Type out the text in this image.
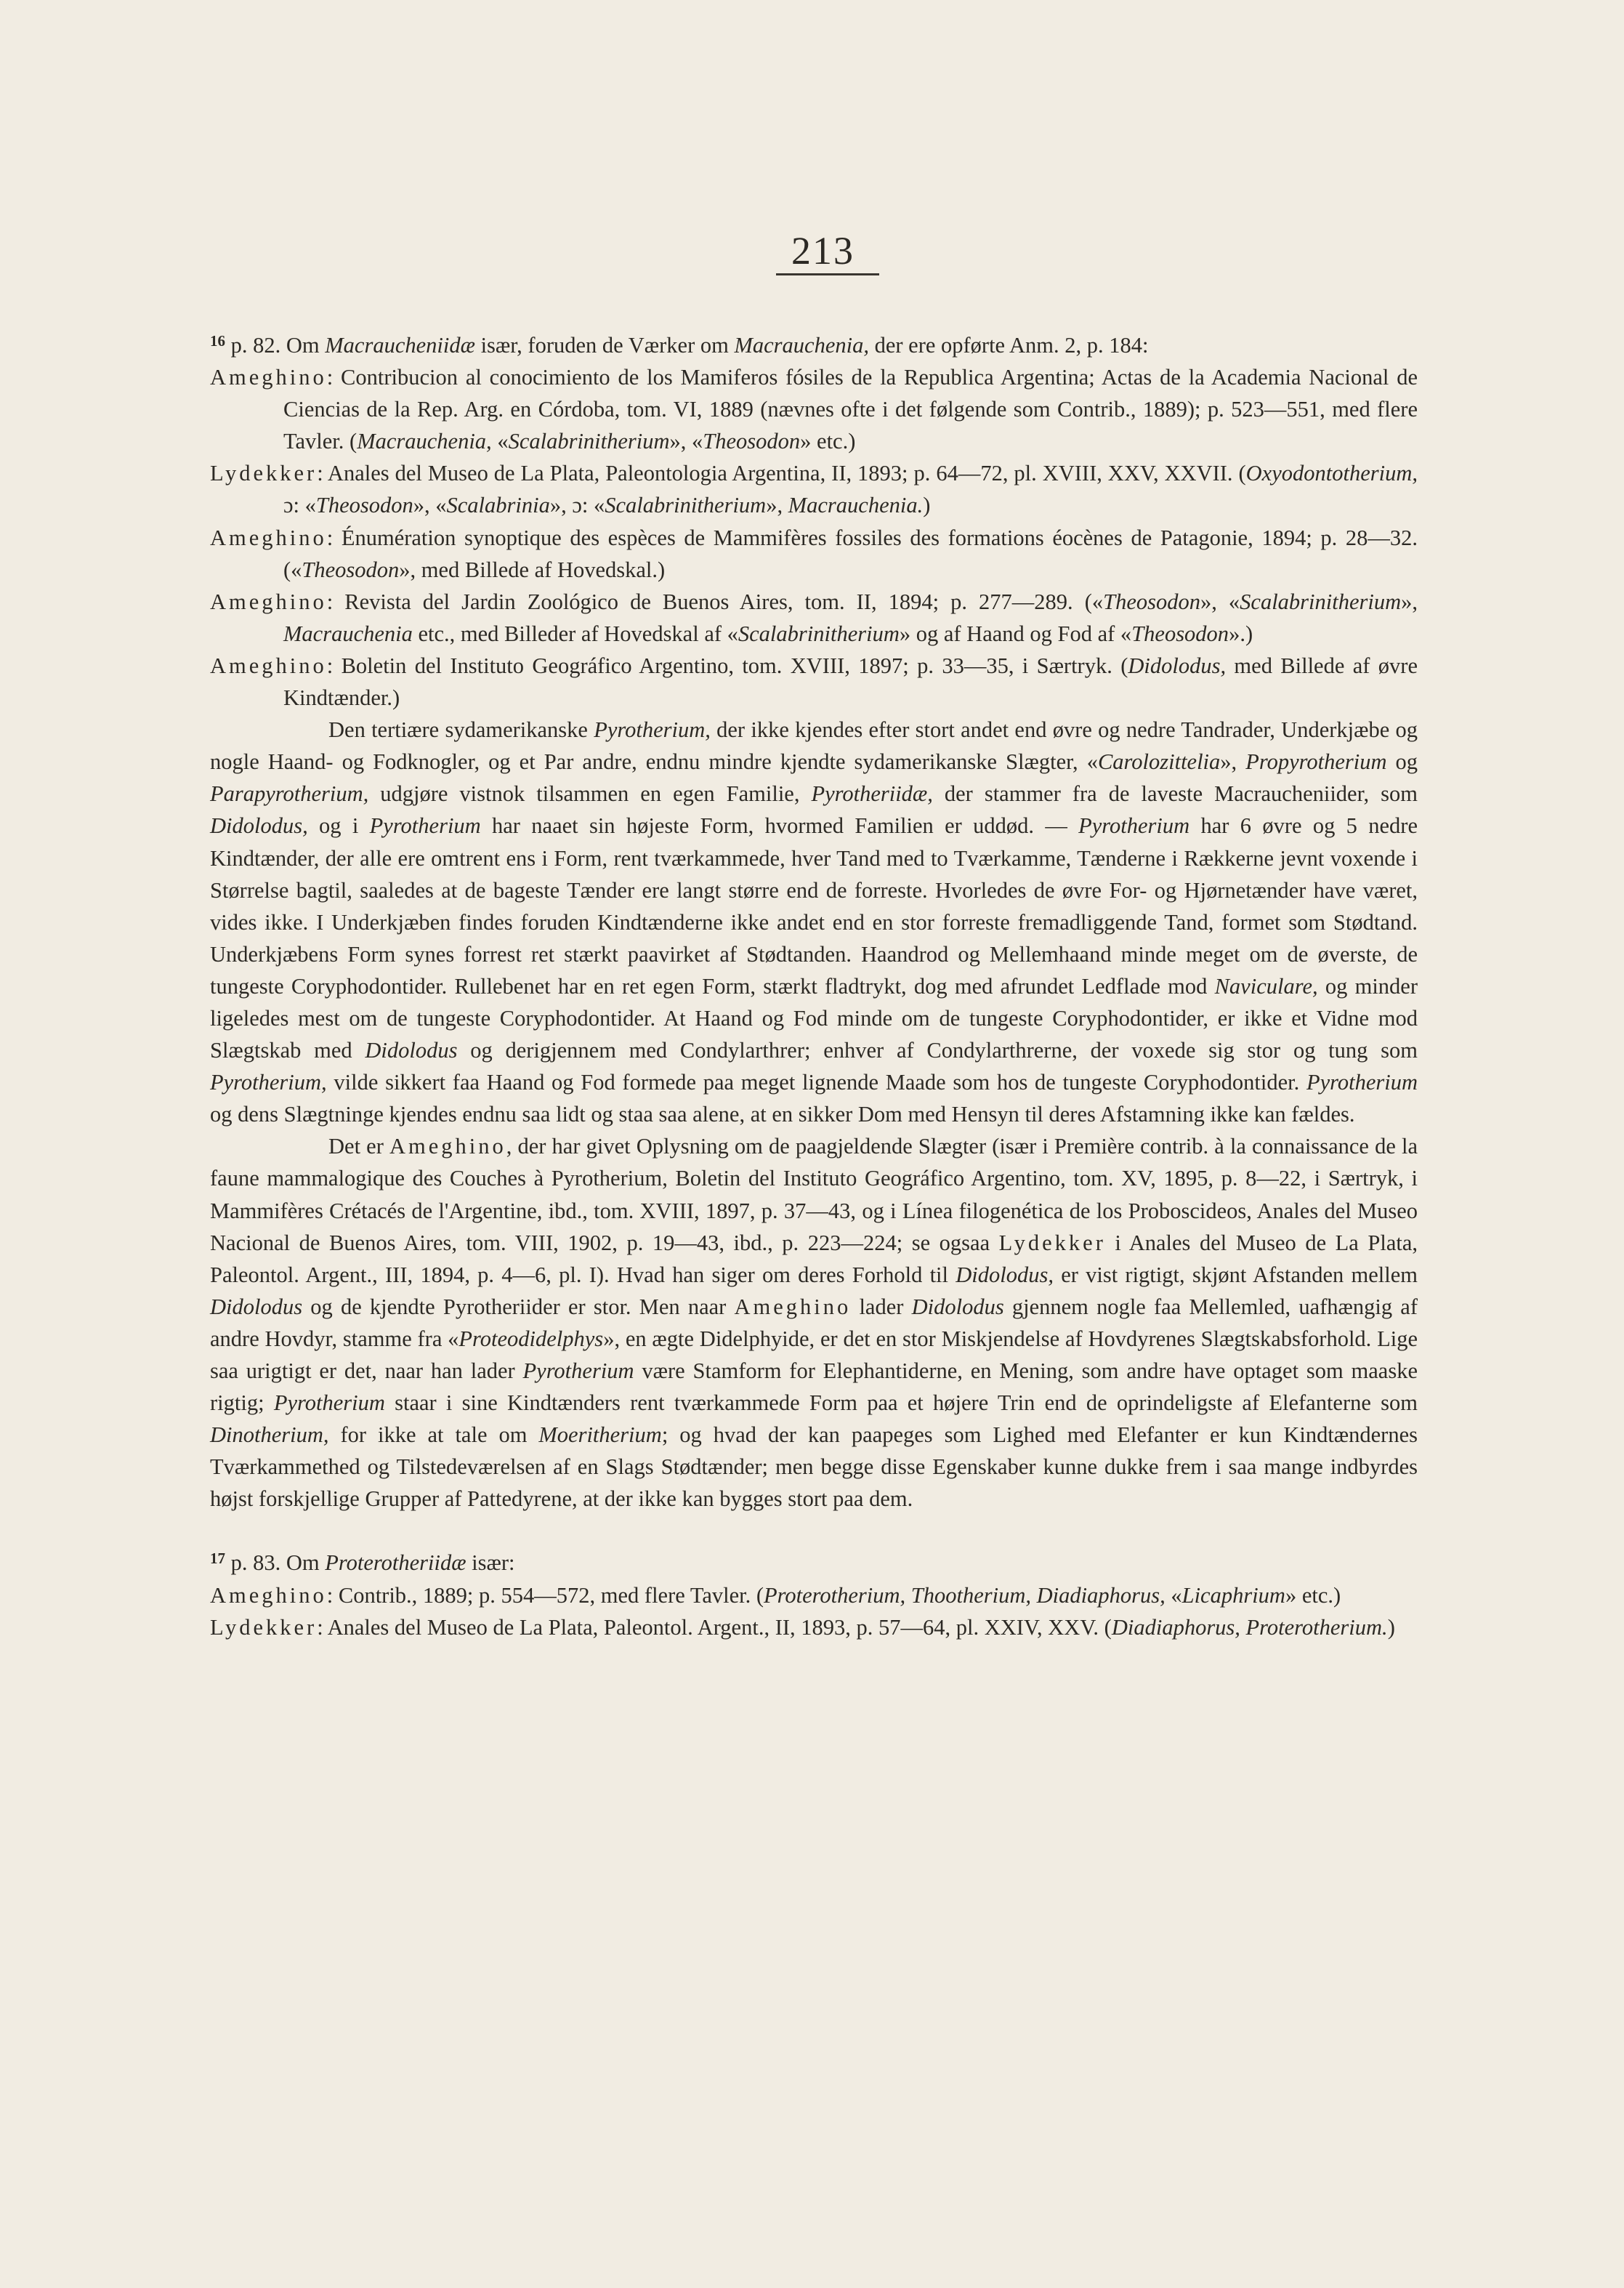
213

$^{16}$ p. 82. Om Macraucheniidæ især, foruden de Værker om Macrauchenia, der ere opførte Anm. 2, p. 184:

Ameghino: Contribucion al conocimiento de los Mamiferos fósiles de la Republica Argentina; Actas de la Academia Nacional de Ciencias de la Rep. Arg. en Córdoba, tom. VI, 1889 (nævnes ofte i det følgende som Contrib., 1889); p. 523—551, med flere Tavler. (Macrauchenia, «Scalabrinitherium», «Theosodon» etc.)

Lydekker: Anales del Museo de La Plata, Paleontologia Argentina, II, 1893; p. 64—72, pl. XVIII, XXV, XXVII. (Oxyodontotherium, ɔ: «Theosodon», «Scalabrinia», ɔ: «Scalabrinitherium», Macrauchenia.)

Ameghino: Énumération synoptique des espèces de Mammifères fossiles des formations éocènes de Patagonie, 1894; p. 28—32. («Theosodon», med Billede af Hovedskal.)

Ameghino: Revista del Jardin Zoológico de Buenos Aires, tom. II, 1894; p. 277—289. («Theosodon», «Scalabrinitherium», Macrauchenia etc., med Billeder af Hovedskal af «Scalabrinitherium» og af Haand og Fod af «Theosodon».)

Ameghino: Boletin del Instituto Geográfico Argentino, tom. XVIII, 1897; p. 33—35, i Særtryk. (Didolodus, med Billede af øvre Kindtænder.)

Den tertiære sydamerikanske Pyrotherium, der ikke kjendes efter stort andet end øvre og nedre Tandrader, Underkjæbe og nogle Haand- og Fodknogler, og et Par andre, endnu mindre kjendte sydamerikanske Slægter, «Carolozittelia», Propyrotherium og Parapyrotherium, udgjøre vistnok tilsammen en egen Familie, Pyrotheriidæ, der stammer fra de laveste Macraucheniider, som Didolodus, og i Pyrotherium har naaet sin højeste Form, hvormed Familien er uddød. — Pyrotherium har 6 øvre og 5 nedre Kindtænder, der alle ere omtrent ens i Form, rent tværkammede, hver Tand med to Tværkamme, Tænderne i Rækkerne jevnt voxende i Størrelse bagtil, saaledes at de bageste Tænder ere langt større end de forreste. Hvorledes de øvre For- og Hjørnetænder have været, vides ikke. I Underkjæben findes foruden Kindtænderne ikke andet end en stor forreste fremadliggende Tand, formet som Stødtand. Underkjæbens Form synes forrest ret stærkt paavirket af Stødtanden. Haandrod og Mellemhaand minde meget om de øverste, de tungeste Coryphodontider. Rullebenet har en ret egen Form, stærkt fladtrykt, dog med afrundet Ledflade mod Naviculare, og minder ligeledes mest om de tungeste Coryphodontider. At Haand og Fod minde om de tungeste Coryphodontider, er ikke et Vidne mod Slægtskab med Didolodus og derigjennem med Condylarthrer; enhver af Condylarthrerne, der voxede sig stor og tung som Pyrotherium, vilde sikkert faa Haand og Fod formede paa meget lignende Maade som hos de tungeste Coryphodontider. Pyrotherium og dens Slægtninge kjendes endnu saa lidt og staa saa alene, at en sikker Dom med Hensyn til deres Afstamning ikke kan fældes.

Det er Ameghino, der har givet Oplysning om de paagjeldende Slægter (især i Première contrib. à la connaissance de la faune mammalogique des Couches à Pyrotherium, Boletin del Instituto Geográfico Argentino, tom. XV, 1895, p. 8—22, i Særtryk, i Mammifères Crétacés de l'Argentine, ibd., tom. XVIII, 1897, p. 37—43, og i Línea filogenética de los Proboscideos, Anales del Museo Nacional de Buenos Aires, tom. VIII, 1902, p. 19—43, ibd., p. 223—224; se ogsaa Lydekker i Anales del Museo de La Plata, Paleontol. Argent., III, 1894, p. 4—6, pl. I). Hvad han siger om deres Forhold til Didolodus, er vist rigtigt, skjønt Afstanden mellem Didolodus og de kjendte Pyrotheriider er stor. Men naar Ameghino lader Didolodus gjennem nogle faa Mellemled, uafhængig af andre Hovdyr, stamme fra «Proteodidelphys», en ægte Didelphyide, er det en stor Miskjendelse af Hovdyrenes Slægtskabsforhold. Lige saa urigtigt er det, naar han lader Pyrotherium være Stamform for Elephantiderne, en Mening, som andre have optaget som maaske rigtig; Pyrotherium staar i sine Kindtænders rent tværkammede Form paa et højere Trin end de oprindeligste af Elefanterne som Dinotherium, for ikke at tale om Moeritherium; og hvad der kan paapeges som Lighed med Elefanter er kun Kindtændernes Tværkammethed og Tilstedeværelsen af en Slags Stødtænder; men begge disse Egenskaber kunne dukke frem i saa mange indbyrdes højst forskjellige Grupper af Pattedyrene, at der ikke kan bygges stort paa dem.

$^{17}$ p. 83. Om Proterotheriidæ især:

Ameghino: Contrib., 1889; p. 554—572, med flere Tavler. (Proterotherium, Thootherium, Diadiaphorus, «Licaphrium» etc.)

Lydekker: Anales del Museo de La Plata, Paleontol. Argent., II, 1893, p. 57—64, pl. XXIV, XXV. (Diadiaphorus, Proterotherium.)
